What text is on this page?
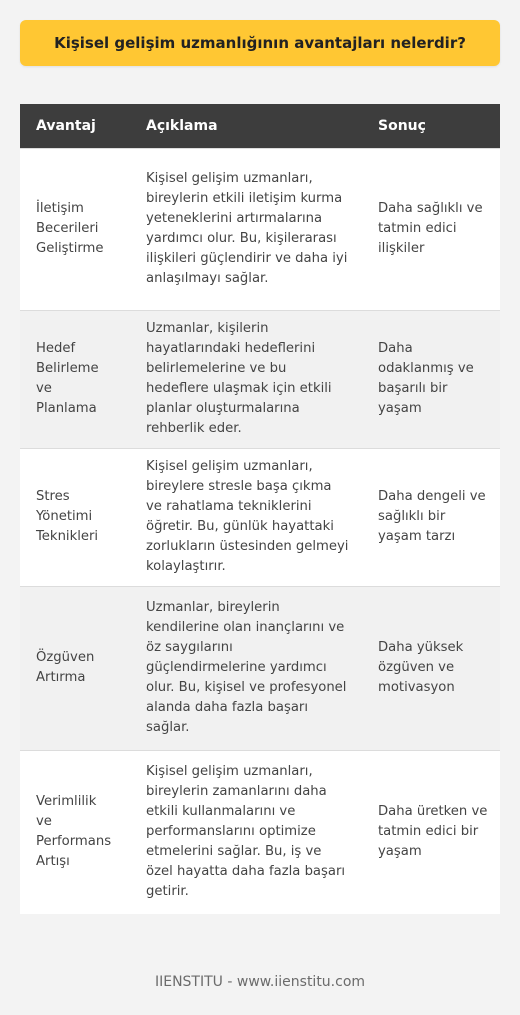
Kişisel gelişim uzmanlığının avantajları nelerdir?
Avantaj	Açıklama	Sonuç
İletişim Becerileri Geliştirme	Kişisel gelişim uzmanları, bireylerin etkili iletişim kurma yeteneklerini artırmalarına yardımcı olur. Bu, kişilerarası ilişkileri güçlendirir ve daha iyi anlaşılmayı sağlar.	Daha sağlıklı ve tatmin edici ilişkiler
Hedef Belirleme ve Planlama	Uzmanlar, kişilerin hayatlarındaki hedeflerini belirlemelerine ve bu hedeflere ulaşmak için etkili planlar oluşturmalarına rehberlik eder.	Daha odaklanmış ve başarılı bir yaşam
Stres Yönetimi Teknikleri	Kişisel gelişim uzmanları, bireylere stresle başa çıkma ve rahatlama tekniklerini öğretir. Bu, günlük hayattaki zorlukların üstesinden gelmeyi kolaylaştırır.	Daha dengeli ve sağlıklı bir yaşam tarzı
Özgüven Artırma	Uzmanlar, bireylerin kendilerine olan inançlarını ve öz saygılarını güçlendirmelerine yardımcı olur. Bu, kişisel ve profesyonel alanda daha fazla başarı sağlar.	Daha yüksek özgüven ve motivasyon
Verimlilik ve Performans Artışı	Kişisel gelişim uzmanları, bireylerin zamanlarını daha etkili kullanmalarını ve performanslarını optimize etmelerini sağlar. Bu, iş ve özel hayatta daha fazla başarı getirir.	Daha üretken ve tatmin edici bir yaşam
IIENSTITU - www.iienstitu.com
